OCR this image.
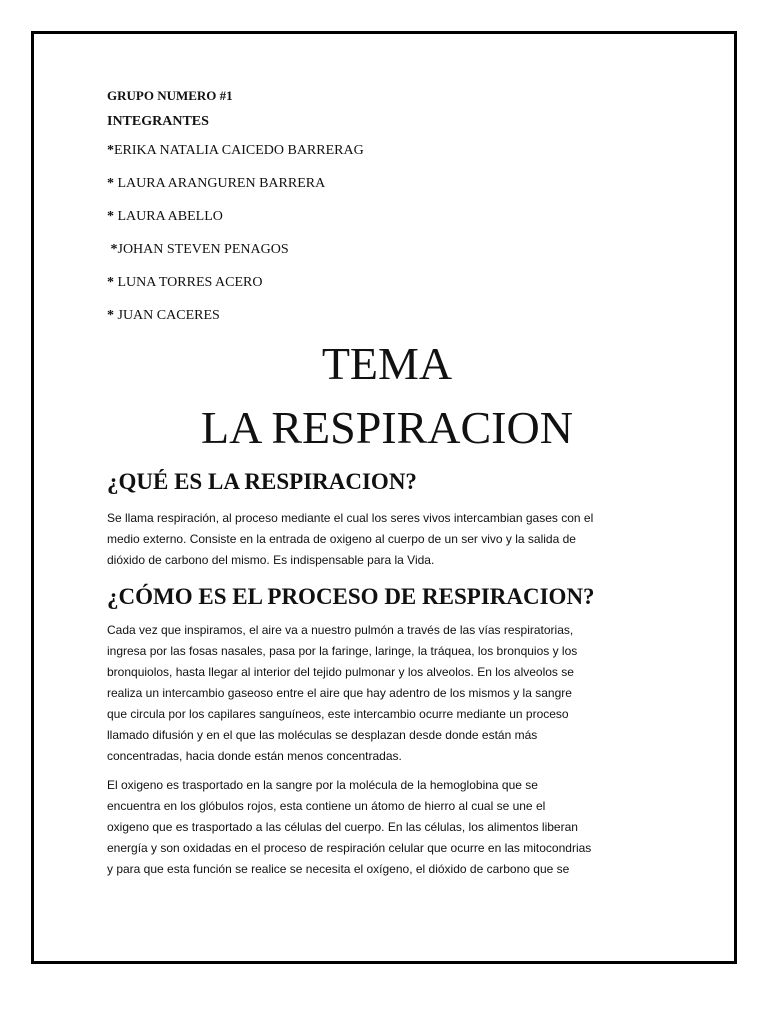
GRUPO NUMERO #1
INTEGRANTES
*ERIKA NATALIA CAICEDO BARRERAG
* LAURA ARANGUREN BARRERA
* LAURA ABELLO
*JOHAN STEVEN PENAGOS
* LUNA TORRES ACERO
* JUAN CACERES
TEMA
LA RESPIRACION
¿QUÉ ES LA RESPIRACION?
Se llama respiración, al proceso mediante el cual los seres vivos intercambian gases con el
medio externo. Consiste en la entrada de oxigeno al cuerpo de un ser vivo y la salida de
dióxido de carbono del mismo. Es indispensable para la Vida.
¿CÓMO ES EL PROCESO DE RESPIRACION?
Cada vez que inspiramos, el aire va a nuestro pulmón a través de las vías respiratorias,
ingresa por las fosas nasales, pasa por la faringe, laringe, la tráquea, los bronquios y los
bronquiolos, hasta llegar al interior del tejido pulmonar y los alveolos. En los alveolos se
realiza un intercambio gaseoso entre el aire que hay adentro de los mismos y la sangre
que circula por los capilares sanguíneos, este intercambio ocurre mediante un proceso
llamado difusión y en el que las moléculas se desplazan desde donde están más
concentradas, hacia donde están menos concentradas.
El oxigeno es trasportado en la sangre por la molécula de la hemoglobina que se
encuentra en los glóbulos rojos, esta contiene un átomo de hierro al cual se une el
oxigeno que es trasportado a las células del cuerpo. En las células, los alimentos liberan
energía y son oxidadas en el proceso de respiración celular que ocurre en las mitocondrias
y para que esta función se realice se necesita el oxígeno, el dióxido de carbono que se
